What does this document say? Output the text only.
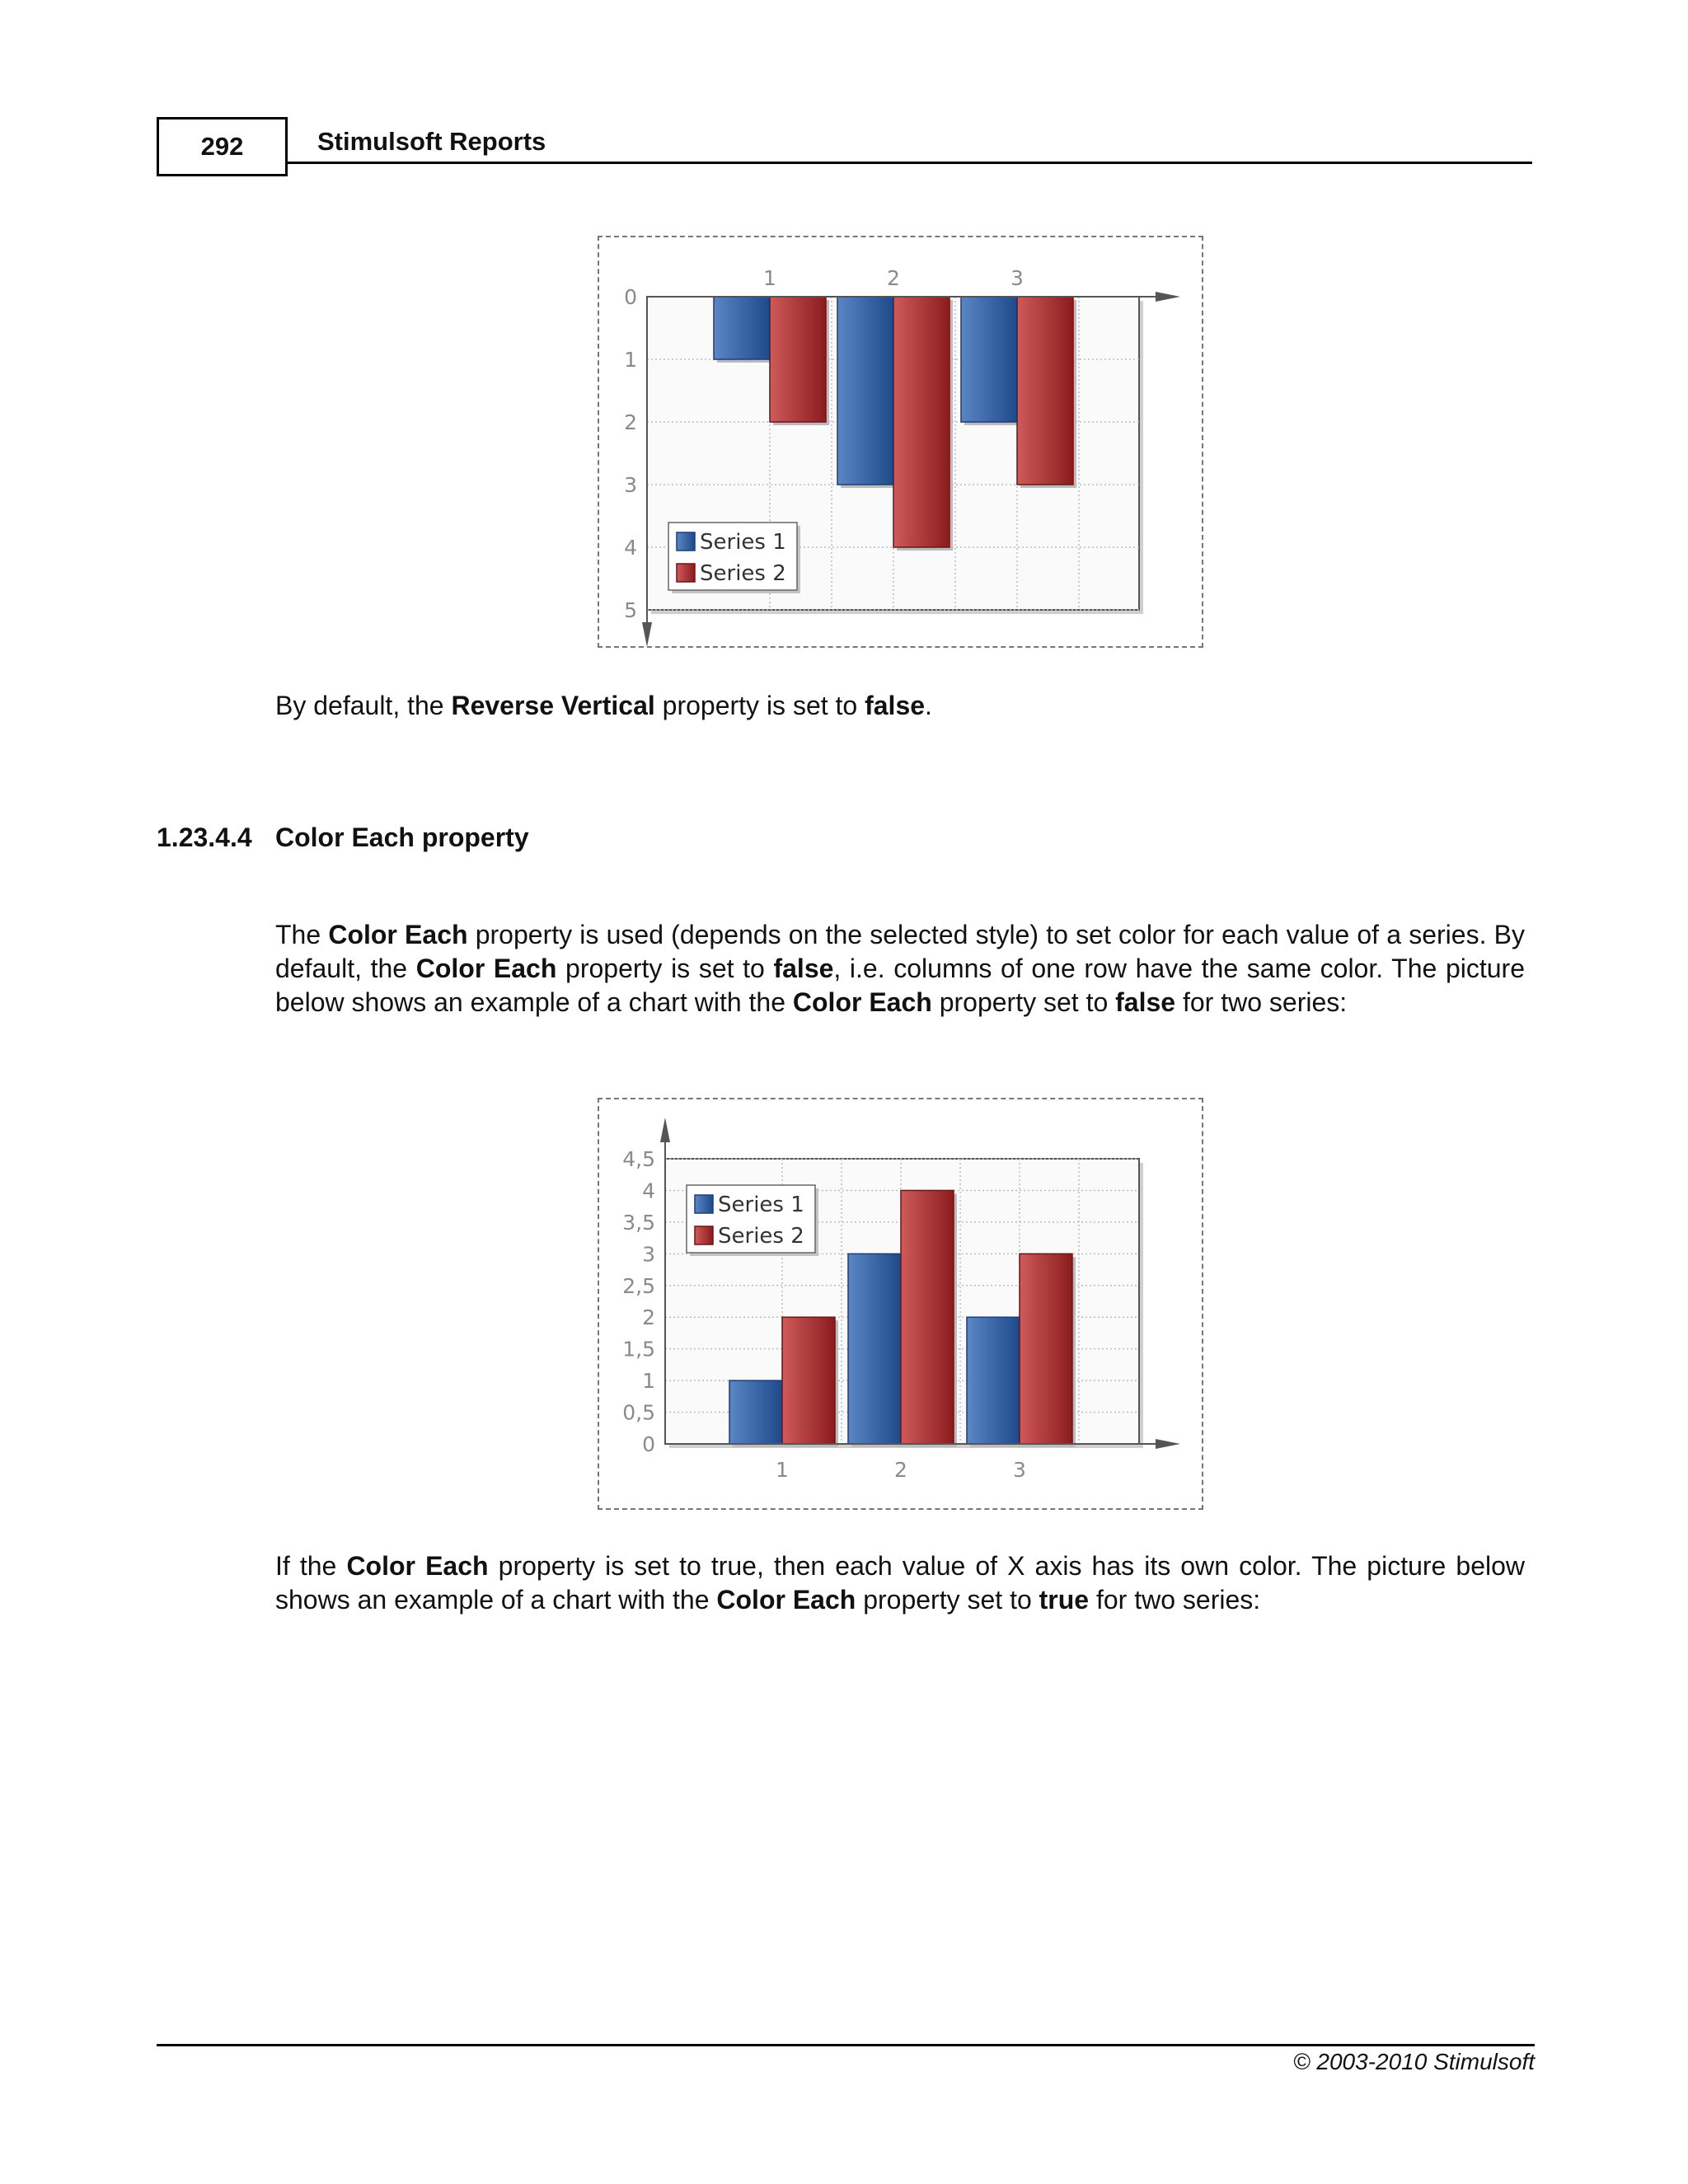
292	Stimulsoft Reports
0
1
2
3
4
5
1	2	3
Series 1
Series 2
By default, the Reverse Vertical property is set to false.
1.23.4.4 Color Each property
The Color Each property is used (depends on the selected style) to set color for each value of a series. By default, the Color Each property is set to false, i.e. columns of one row have the same color. The picture below shows an example of a chart with the Color Each property set to false for two series:
0
0,5
1
1,5
2
2,5
3
3,5
4
4,5
1	2	3
Series 1
Series 2
If the Color Each property is set to true, then each value of X axis has its own color. The picture below shows an example of a chart with the Color Each property set to true for two series:
© 2003-2010 Stimulsoft
